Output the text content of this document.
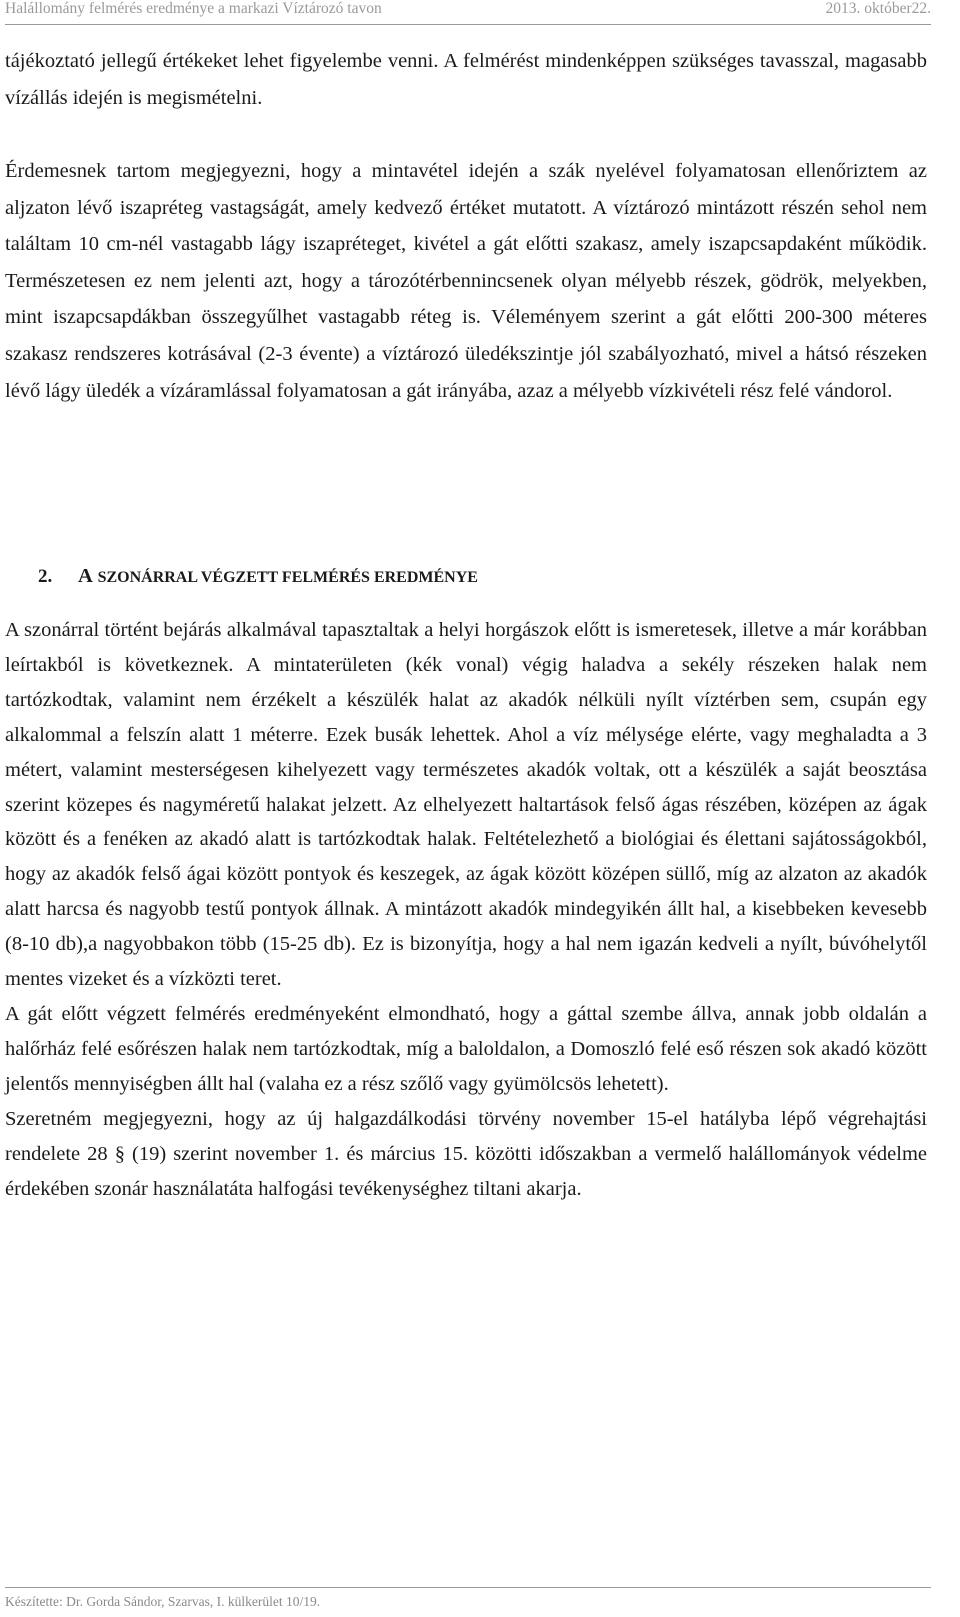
Halállomány felmérés eredménye a markazi Víztározó tavon	2013. október22.

tájékoztató jellegű értékeket lehet figyelembe venni. A felmérést mindenképpen szükséges tavasszal, magasabb vízállás idején is megismételni.

Érdemesnek tartom megjegyezni, hogy a mintavétel idején a szák nyelével folyamatosan ellenőriztem az aljzaton lévő iszapréteg vastagságát, amely kedvező értéket mutatott. A víztározó mintázott részén sehol nem találtam 10 cm-nél vastagabb lágy iszapréteget, kivétel a gát előtti szakasz, amely iszapcsapdaként működik. Természetesen ez nem jelenti azt, hogy a tározótérbennincsenek olyan mélyebb részek, gödrök, melyekben, mint iszapcsapdákban összegyűlhet vastagabb réteg is. Véleményem szerint a gát előtti 200-300 méteres szakasz rendszeres kotrásával (2-3 évente) a víztározó üledékszintje jól szabályozható, mivel a hátsó részeken lévő lágy üledék a vízáramlással folyamatosan a gát irányába, azaz a mélyebb vízkivételi rész felé vándorol.

2. A SZONÁRRAL VÉGZETT FELMÉRÉS EREDMÉNYE

A szonárral történt bejárás alkalmával tapasztaltak a helyi horgászok előtt is ismeretesek, illetve a már korábban leírtakból is következnek. A mintaterületen (kék vonal) végig haladva a sekély részeken halak nem tartózkodtak, valamint nem érzékelt a készülék halat az akadók nélküli nyílt víztérben sem, csupán egy alkalommal a felszín alatt 1 méterre. Ezek busák lehettek. Ahol a víz mélysége elérte, vagy meghaladta a 3 métert, valamint mesterségesen kihelyezett vagy természetes akadók voltak, ott a készülék a saját beosztása szerint közepes és nagyméretű halakat jelzett. Az elhelyezett haltartások felső ágas részében, középen az ágak között és a fenéken az akadó alatt is tartózkodtak halak. Feltételezhető a biológiai és élettani sajátosságokból, hogy az akadók felső ágai között pontyok és keszegek, az ágak között középen süllő, míg az alzaton az akadók alatt harcsa és nagyobb testű pontyok állnak. A mintázott akadók mindegyikén állt hal, a kisebbeken kevesebb (8-10 db),a nagyobbakon több (15-25 db). Ez is bizonyítja, hogy a hal nem igazán kedveli a nyílt, búvóhelytől mentes vizeket és a vízközti teret.

A gát előtt végzett felmérés eredményeként elmondható, hogy a gáttal szembe állva, annak jobb oldalán a halőrház felé esőrészen halak nem tartózkodtak, míg a baloldalon, a Domoszló felé eső részen sok akadó között jelentős mennyiségben állt hal (valaha ez a rész szőlő vagy gyümölcsös lehetett).

Szeretném megjegyezni, hogy az új halgazdálkodási törvény november 15-el hatályba lépő végrehajtási rendelete 28 § (19) szerint november 1. és március 15. közötti időszakban a vermelő halállományok védelme érdekében szonár használatáta halfogási tevékenységhez tiltani akarja.

Készítette: Dr. Gorda Sándor, Szarvas, I. külkerület 10/19.
